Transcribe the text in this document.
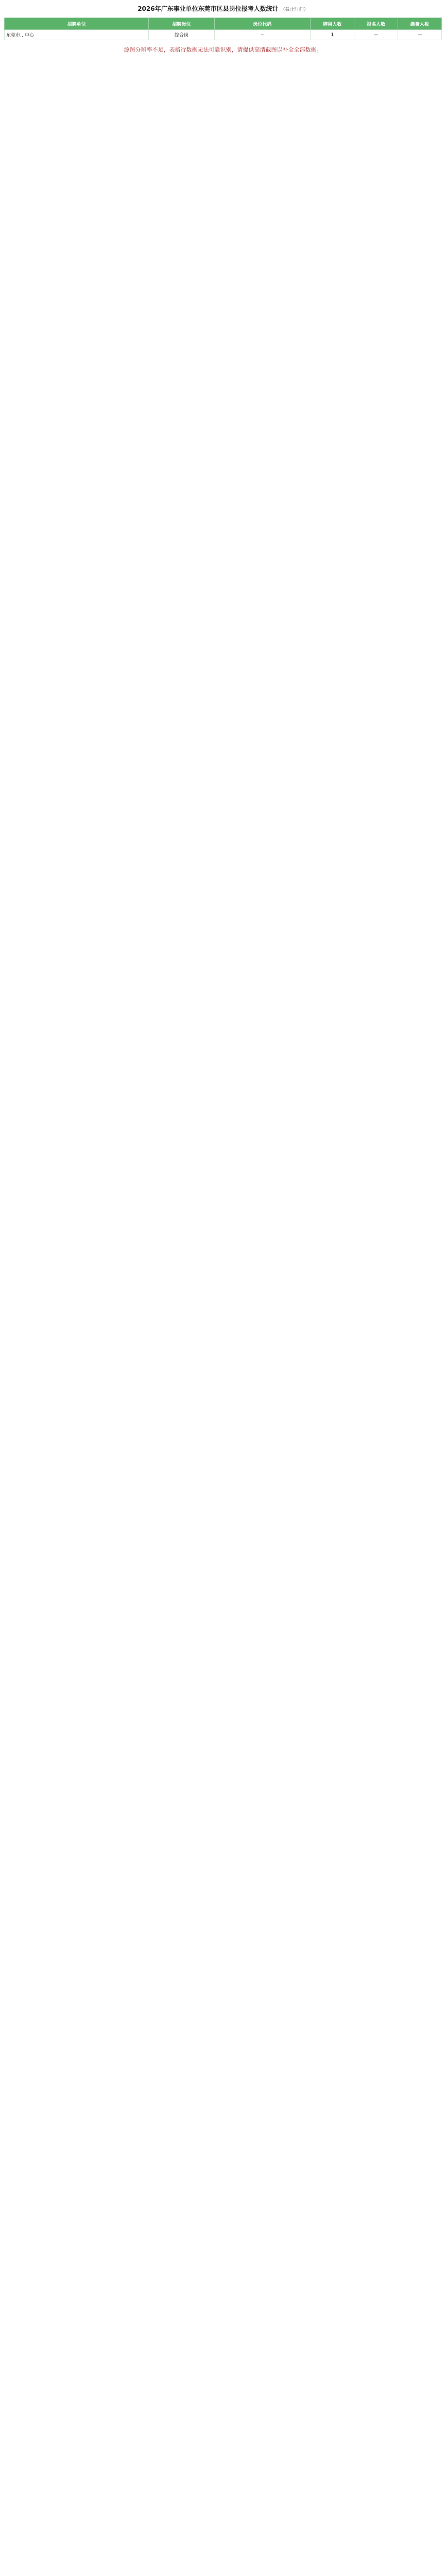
2026年广东事业单位东莞市区县岗位报考人数统计 （截止时间）
招聘单位	招聘岗位	岗位代码	聘用人数	报名人数	缴费人数
东莞市…中心	综合岗	—	1	—	—
源图分辨率不足，表格行数据无法可靠识别，请提供高清截图以补全全部数据。
